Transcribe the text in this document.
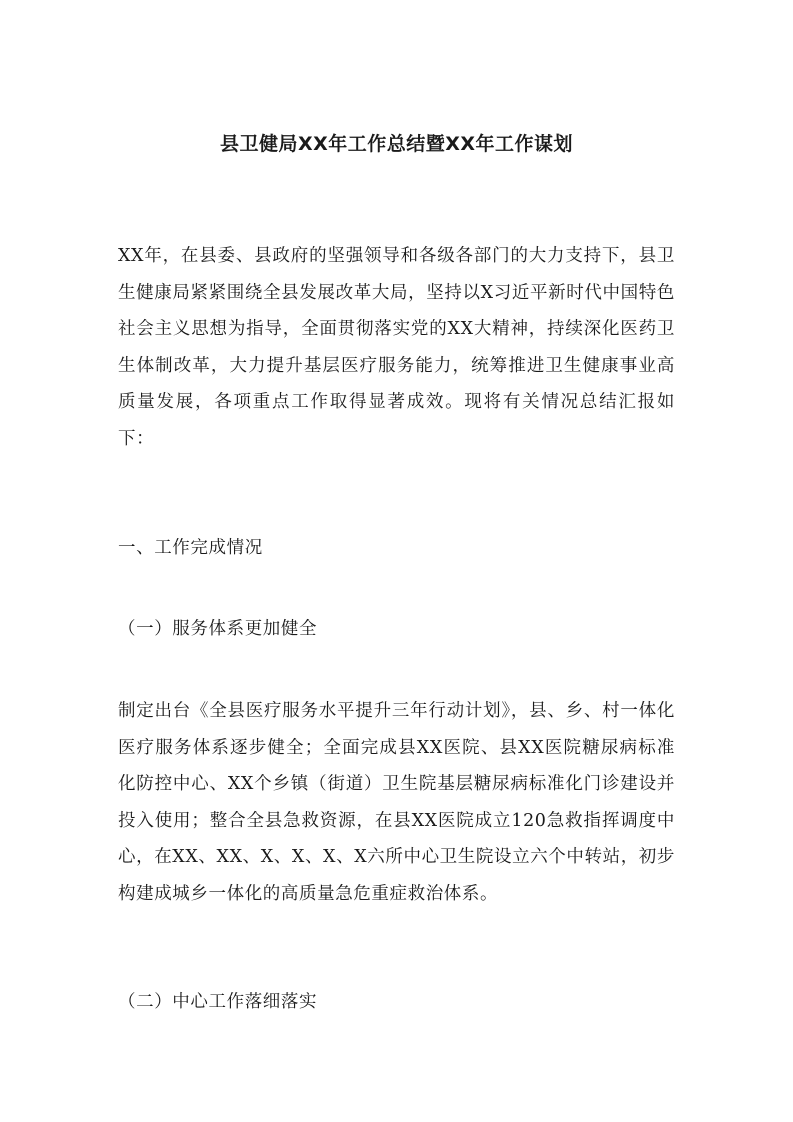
县卫健局XX年工作总结暨XX年工作谋划

XX年，在县委、县政府的坚强领导和各级各部门的大力支持下，县卫生健康局紧紧围绕全县发展改革大局，坚持以X习近平新时代中国特色社会主义思想为指导，全面贯彻落实党的XX大精神，持续深化医药卫生体制改革，大力提升基层医疗服务能力，统筹推进卫生健康事业高质量发展，各项重点工作取得显著成效。现将有关情况总结汇报如下：

一、工作完成情况

（一）服务体系更加健全

制定出台《全县医疗服务水平提升三年行动计划》，县、乡、村一体化医疗服务体系逐步健全；全面完成县XX医院、县XX医院糖尿病标准化防控中心、XX个乡镇（街道）卫生院基层糖尿病标准化门诊建设并投入使用；整合全县急救资源，在县XX医院成立120急救指挥调度中心，在XX、XX、X、X、X、X六所中心卫生院设立六个中转站，初步构建成城乡一体化的高质量急危重症救治体系。

（二）中心工作落细落实
